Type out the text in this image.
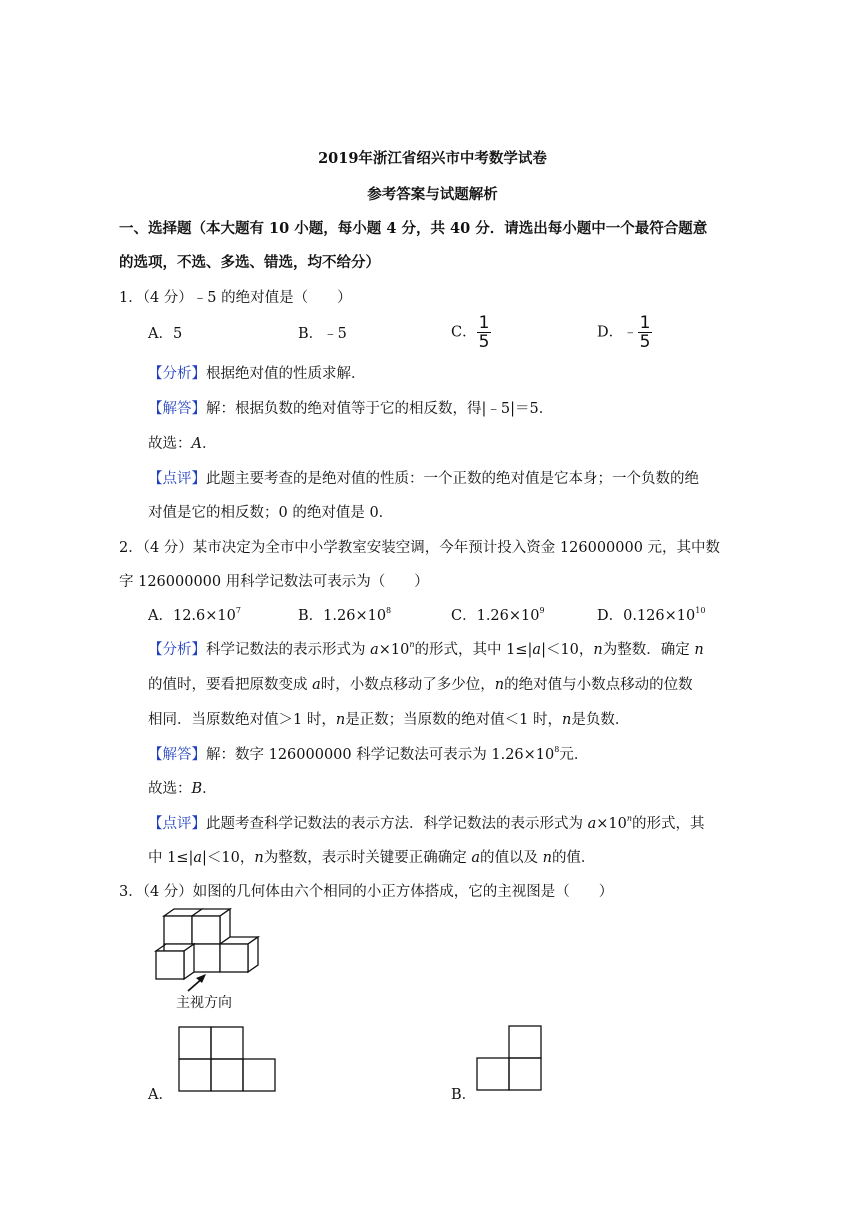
2019年浙江省绍兴市中考数学试卷
参考答案与试题解析
一、选择题（本大题有 10 小题，每小题 4 分，共 40 分．请选出每小题中一个最符合题意
的选项，不选、多选、错选，均不给分）
1．（4 分）﹣5 的绝对值是（　　）
A．5	B．﹣5	C． $\frac{1}{5}$	D．﹣ $\frac{1}{5}$
【分析】根据绝对值的性质求解．
【解答】解：根据负数的绝对值等于它的相反数，得|﹣5|＝5．
故选：A．
【点评】此题主要考查的是绝对值的性质：一个正数的绝对值是它本身；一个负数的绝
对值是它的相反数；0 的绝对值是 0．
2．（4 分）某市决定为全市中小学教室安装空调，今年预计投入资金 126000000 元，其中数
字 126000000 用科学记数法可表示为（　　）
A．$12.6\times 10^7$	B．$1.26\times 10^8$	C．$1.26\times 10^9$	D．$0.126\times 10^{10}$
【分析】科学记数法的表示形式为 $a\times 10^n$的形式，其中 1≤|a|＜10，n为整数．确定 n
的值时，要看把原数变成 a时，小数点移动了多少位，n的绝对值与小数点移动的位数
相同．当原数绝对值＞1 时，n是正数；当原数的绝对值＜1 时，n是负数．
【解答】解：数字 126000000 科学记数法可表示为 $1.26\times 10^8$元．
故选：B．
【点评】此题考查科学记数法的表示方法．科学记数法的表示形式为 $a\times 10^n$的形式，其
中 1≤|a|＜10，n为整数，表示时关键要正确确定 a的值以及 n的值．
3．（4 分）如图的几何体由六个相同的小正方体搭成，它的主视图是（　　）
主视方向
A．	B．
